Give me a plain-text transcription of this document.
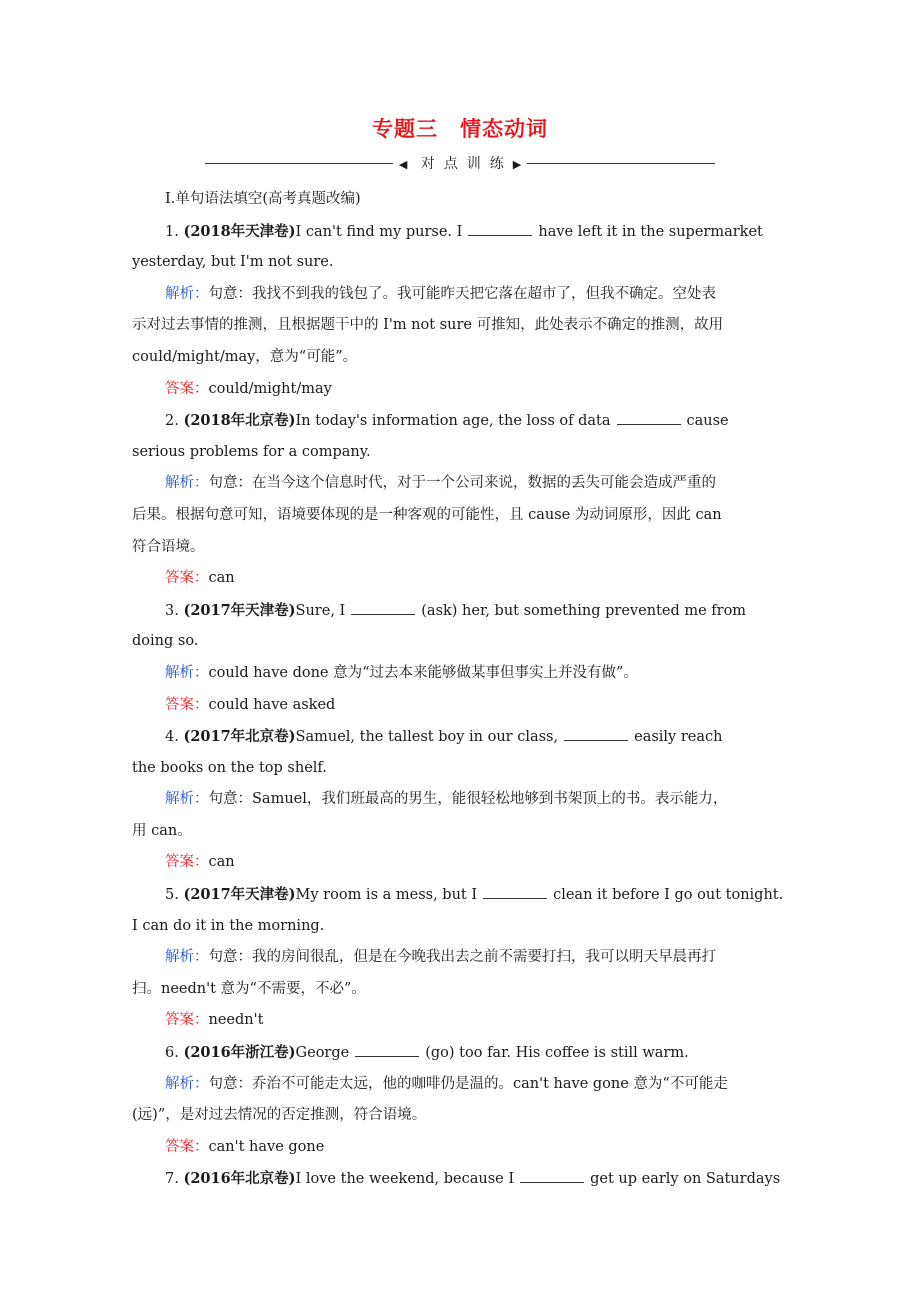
专题三　情态动词
◀ 对点训练▶
Ⅰ.单句语法填空(高考真题改编)
1. (2018年天津卷)I can't find my purse. I	have left it in the supermarket
yesterday, but I'm not sure.
解析：句意：我找不到我的钱包了。我可能昨天把它落在超市了，但我不确定。空处表
示对过去事情的推测，且根据题干中的 I'm not sure 可推知，此处表示不确定的推测，故用
could/might/may，意为“可能”。
答案：could/might/may
2. (2018年北京卷)In today's information age, the loss of data	cause
serious problems for a company.
解析：句意：在当今这个信息时代，对于一个公司来说，数据的丢失可能会造成严重的
后果。根据句意可知，语境要体现的是一种客观的可能性，且 cause 为动词原形，因此 can
符合语境。
答案：can
3. (2017年天津卷)Sure, I	(ask) her, but something prevented me from
doing so.
解析：could have done 意为“过去本来能够做某事但事实上并没有做”。
答案：could have asked
4. (2017年北京卷)Samuel, the tallest boy in our class,	easily reach
the books on the top shelf.
解析：句意：Samuel，我们班最高的男生，能很轻松地够到书架顶上的书。表示能力，
用 can。
答案：can
5. (2017年天津卷)My room is a mess, but I	clean it before I go out tonight.
I can do it in the morning.
解析：句意：我的房间很乱，但是在今晚我出去之前不需要打扫，我可以明天早晨再打
扫。needn't 意为“不需要，不必”。
答案：needn't
6. (2016年浙江卷)George	(go) too far. His coffee is still warm.
解析：句意：乔治不可能走太远，他的咖啡仍是温的。can't have gone 意为“不可能走
(远)”，是对过去情况的否定推测，符合语境。
答案：can't have gone
7. (2016年北京卷)I love the weekend, because I	get up early on Saturdays
